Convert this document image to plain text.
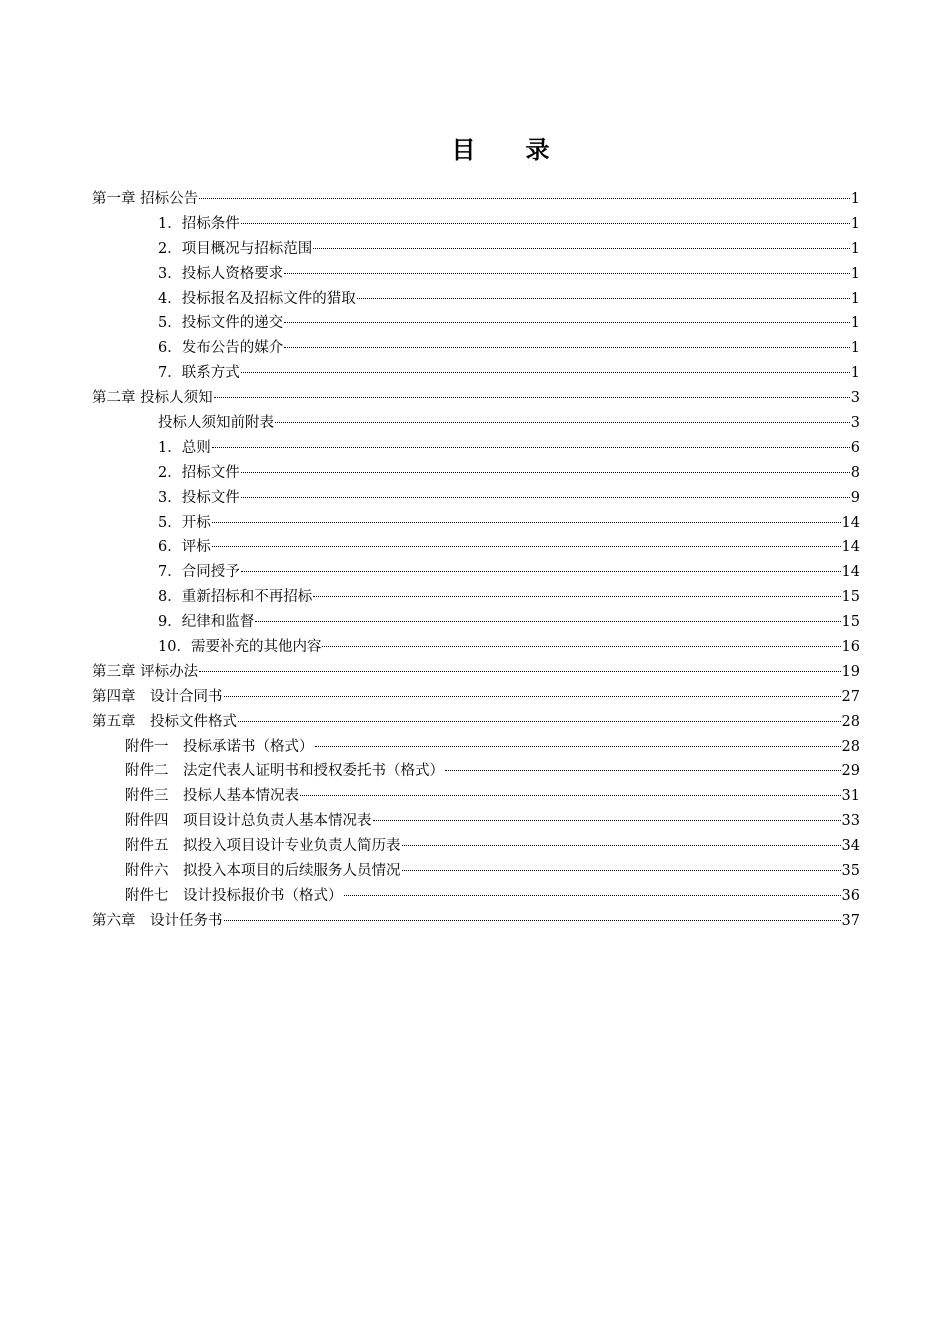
目 录
第一章 招标公告	1
1．招标条件	1
2．项目概况与招标范围	1
3．投标人资格要求	1
4．投标报名及招标文件的猎取	1
5．投标文件的递交	1
6．发布公告的媒介	1
7．联系方式	1
第二章 投标人须知	3
投标人须知前附表	3
1．总则	6
2．招标文件	8
3．投标文件	9
5．开标	14
6．评标	14
7．合同授予	14
8．重新招标和不再招标	15
9．纪律和监督	15
10．需要补充的其他内容	16
第三章 评标办法	19
第四章　设计合同书	27
第五章　投标文件格式	28
附件一　投标承诺书（格式）	28
附件二　法定代表人证明书和授权委托书（格式）	29
附件三　投标人基本情况表	31
附件四　项目设计总负责人基本情况表	33
附件五　拟投入项目设计专业负责人简历表	34
附件六　拟投入本项目的后续服务人员情况	35
附件七　设计投标报价书（格式）	36
第六章　设计任务书	37
